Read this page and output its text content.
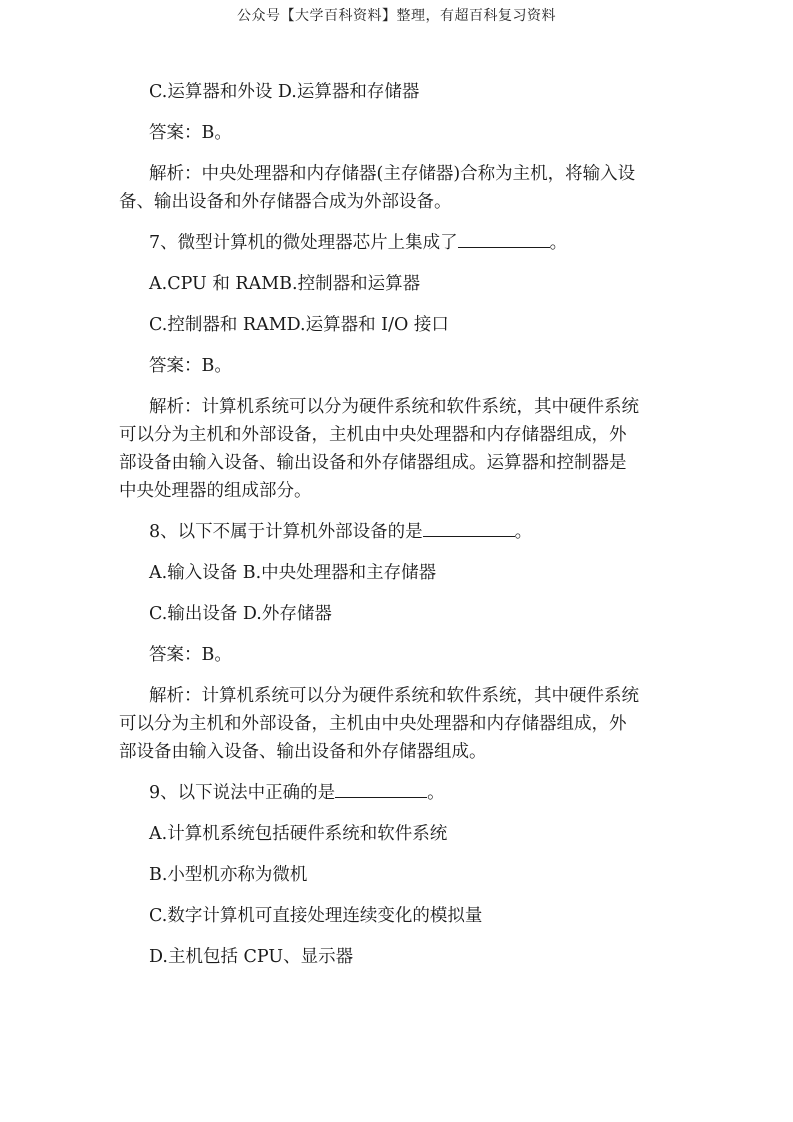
公众号【大学百科资料】整理，有超百科复习资料

C.运算器和外设 D.运算器和存储器

答案：B。

解析：中央处理器和内存储器(主存储器)合称为主机，将输入设

备、输出设备和外存储器合成为外部设备。

7、微型计算机的微处理器芯片上集成了	。

A.CPU 和 RAMB.控制器和运算器

C.控制器和 RAMD.运算器和 I/O 接口

答案：B。

解析：计算机系统可以分为硬件系统和软件系统，其中硬件系统

可以分为主机和外部设备，主机由中央处理器和内存储器组成，外

部设备由输入设备、输出设备和外存储器组成。运算器和控制器是

中央处理器的组成部分。

8、以下不属于计算机外部设备的是	。

A.输入设备 B.中央处理器和主存储器

C.输出设备 D.外存储器

答案：B。

解析：计算机系统可以分为硬件系统和软件系统，其中硬件系统

可以分为主机和外部设备，主机由中央处理器和内存储器组成，外

部设备由输入设备、输出设备和外存储器组成。

9、以下说法中正确的是	。

A.计算机系统包括硬件系统和软件系统

B.小型机亦称为微机

C.数字计算机可直接处理连续变化的模拟量

D.主机包括 CPU、显示器
